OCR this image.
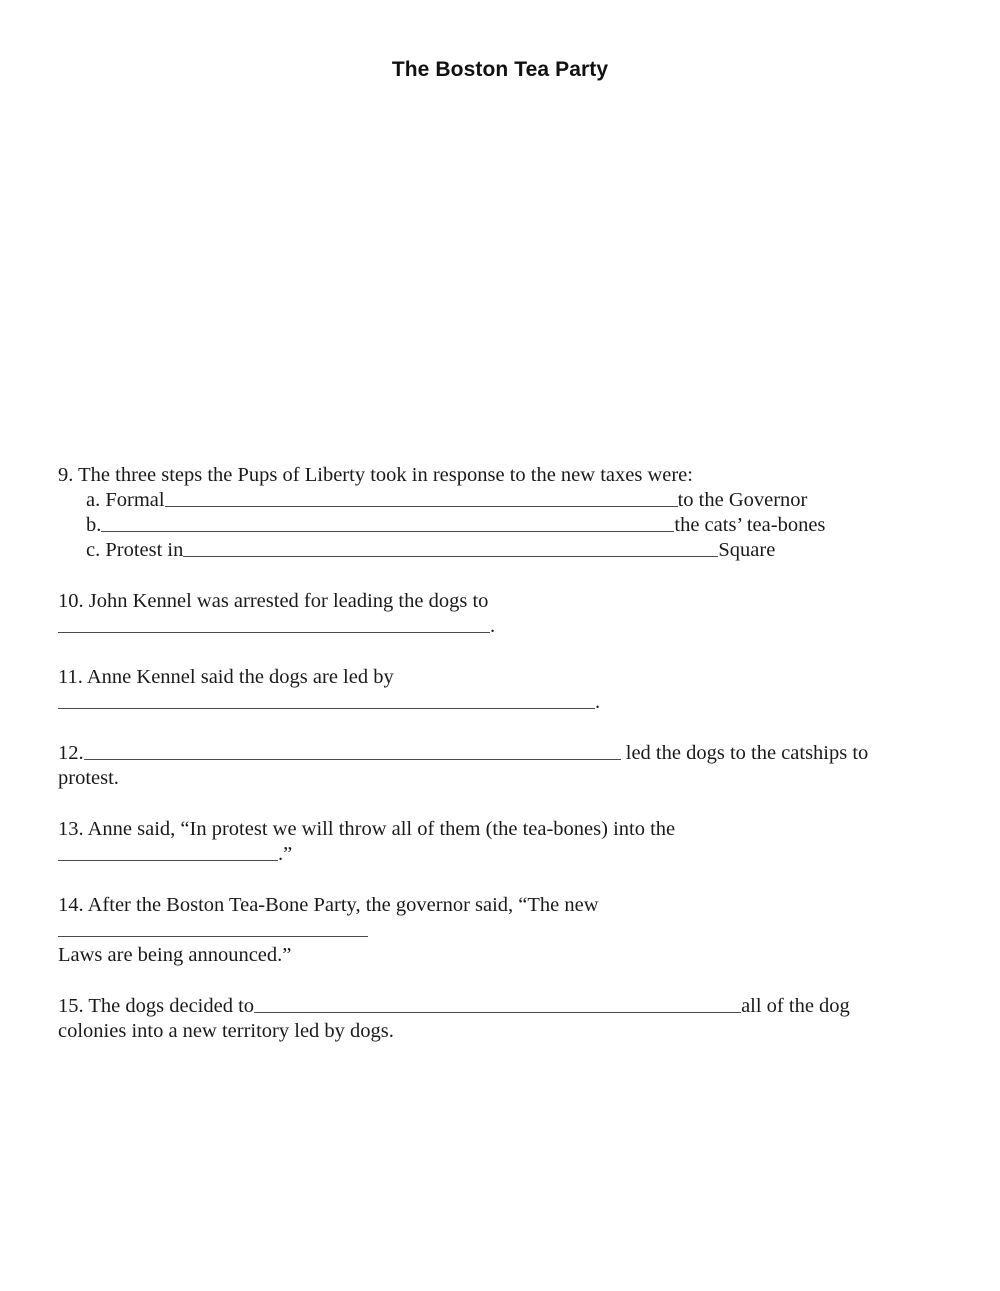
The Boston Tea Party
9. The three steps the Pups of Liberty took in response to the new taxes were:
a. Formal	to the Governor
b.	the cats’ tea-bones
c. Protest in	Square
10. John Kennel was arrested for leading the dogs to
.
11. Anne Kennel said the dogs are led by
.
12.	led the dogs to the catships to
protest.
13. Anne said, “In protest we will throw all of them (the tea-bones) into the
.”
14. After the Boston Tea-Bone Party, the governor said, “The new
Laws are being announced.”
15. The dogs decided to	all of the dog
colonies into a new territory led by dogs.
